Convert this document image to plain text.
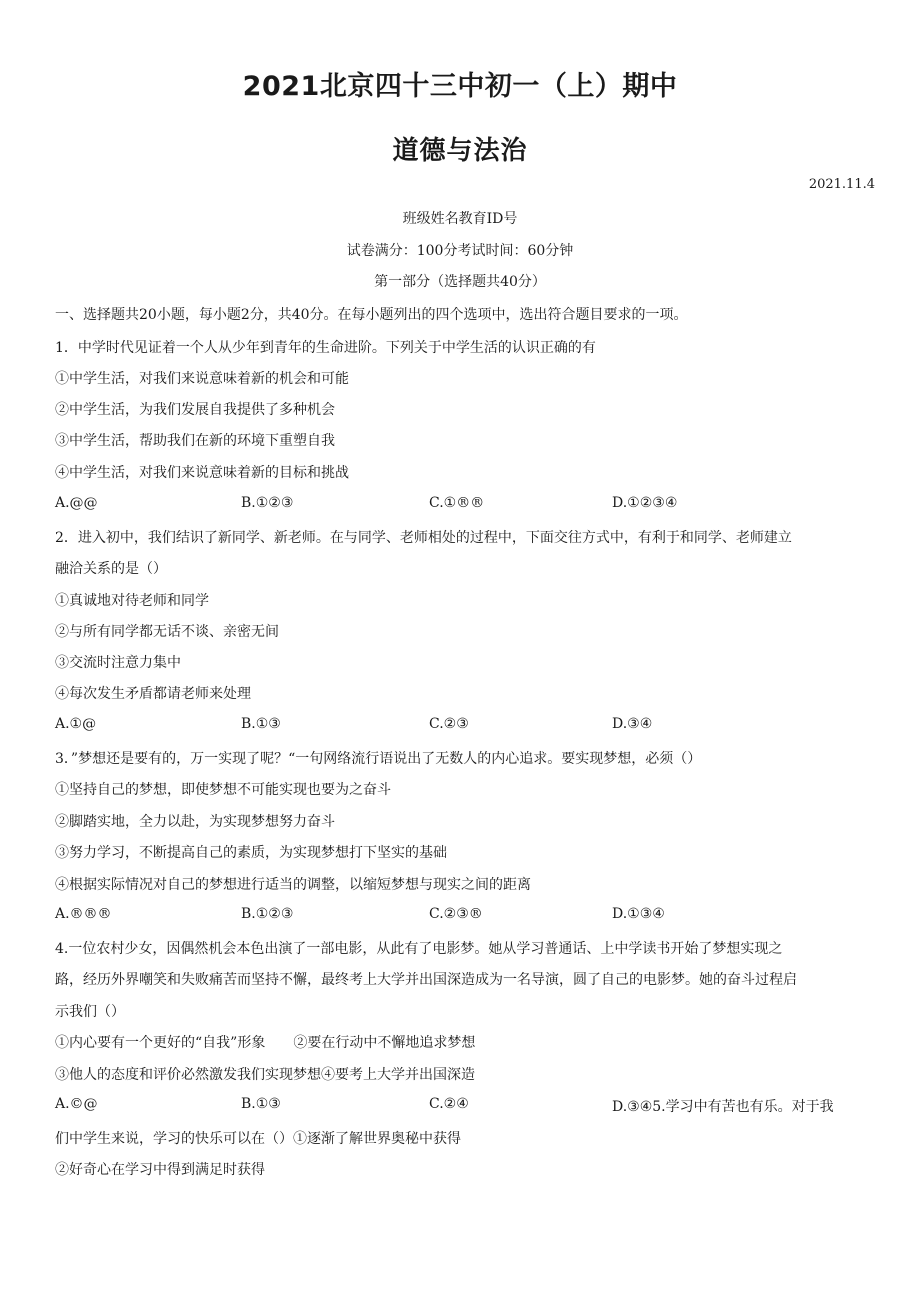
2021北京四十三中初一（上）期中
道德与法治
2021.11.4
班级姓名教育ID号
试卷满分：100分考试时间：60分钟
第一部分（选择题共40分）
一、选择题共20小题，每小题2分，共40分。在每小题列出的四个选项中，选出符合题目要求的一项。
1．中学时代见证着一个人从少年到青年的生命进阶。下列关于中学生活的认识正确的有
①中学生活，对我们来说意味着新的机会和可能
②中学生活，为我们发展自我提供了多种机会
③中学生活，帮助我们在新的环境下重塑自我
④中学生活，对我们来说意味着新的目标和挑战
A.@@	B.①②③	C.①®®	D.①②③④
2．进入初中，我们结识了新同学、新老师。在与同学、老师相处的过程中，下面交往方式中，有利于和同学、老师建立
融洽关系的是（）
①真诚地对待老师和同学
②与所有同学都无话不谈、亲密无间
③交流时注意力集中
④每次发生矛盾都请老师来处理
A.①@	B.①③	C.②③	D.③④
3．”梦想还是要有的，万一实现了呢？“一句网络流行语说出了无数人的内心追求。要实现梦想，必须（）
①坚持自己的梦想，即使梦想不可能实现也要为之奋斗
②脚踏实地，全力以赴，为实现梦想努力奋斗
③努力学习，不断提高自己的素质，为实现梦想打下坚实的基础
④根据实际情况对自己的梦想进行适当的调整，以缩短梦想与现实之间的距离
A.®®®	B.①②③	C.②③®	D.①③④
4.一位农村少女，因偶然机会本色出演了一部电影，从此有了电影梦。她从学习普通话、上中学读书开始了梦想实现之
路，经历外界嘲笑和失败痛苦而坚持不懈，最终考上大学并出国深造成为一名导演，圆了自己的电影梦。她的奋斗过程启
示我们（）
①内心要有一个更好的“自我”形象　　②要在行动中不懈地追求梦想
③他人的态度和评价必然激发我们实现梦想④要考上大学并出国深造
A.©@	B.①③	C.②④	D.③④5.学习中有苦也有乐。对于我
们中学生来说，学习的快乐可以在（）①逐渐了解世界奥秘中获得
②好奇心在学习中得到满足时获得
